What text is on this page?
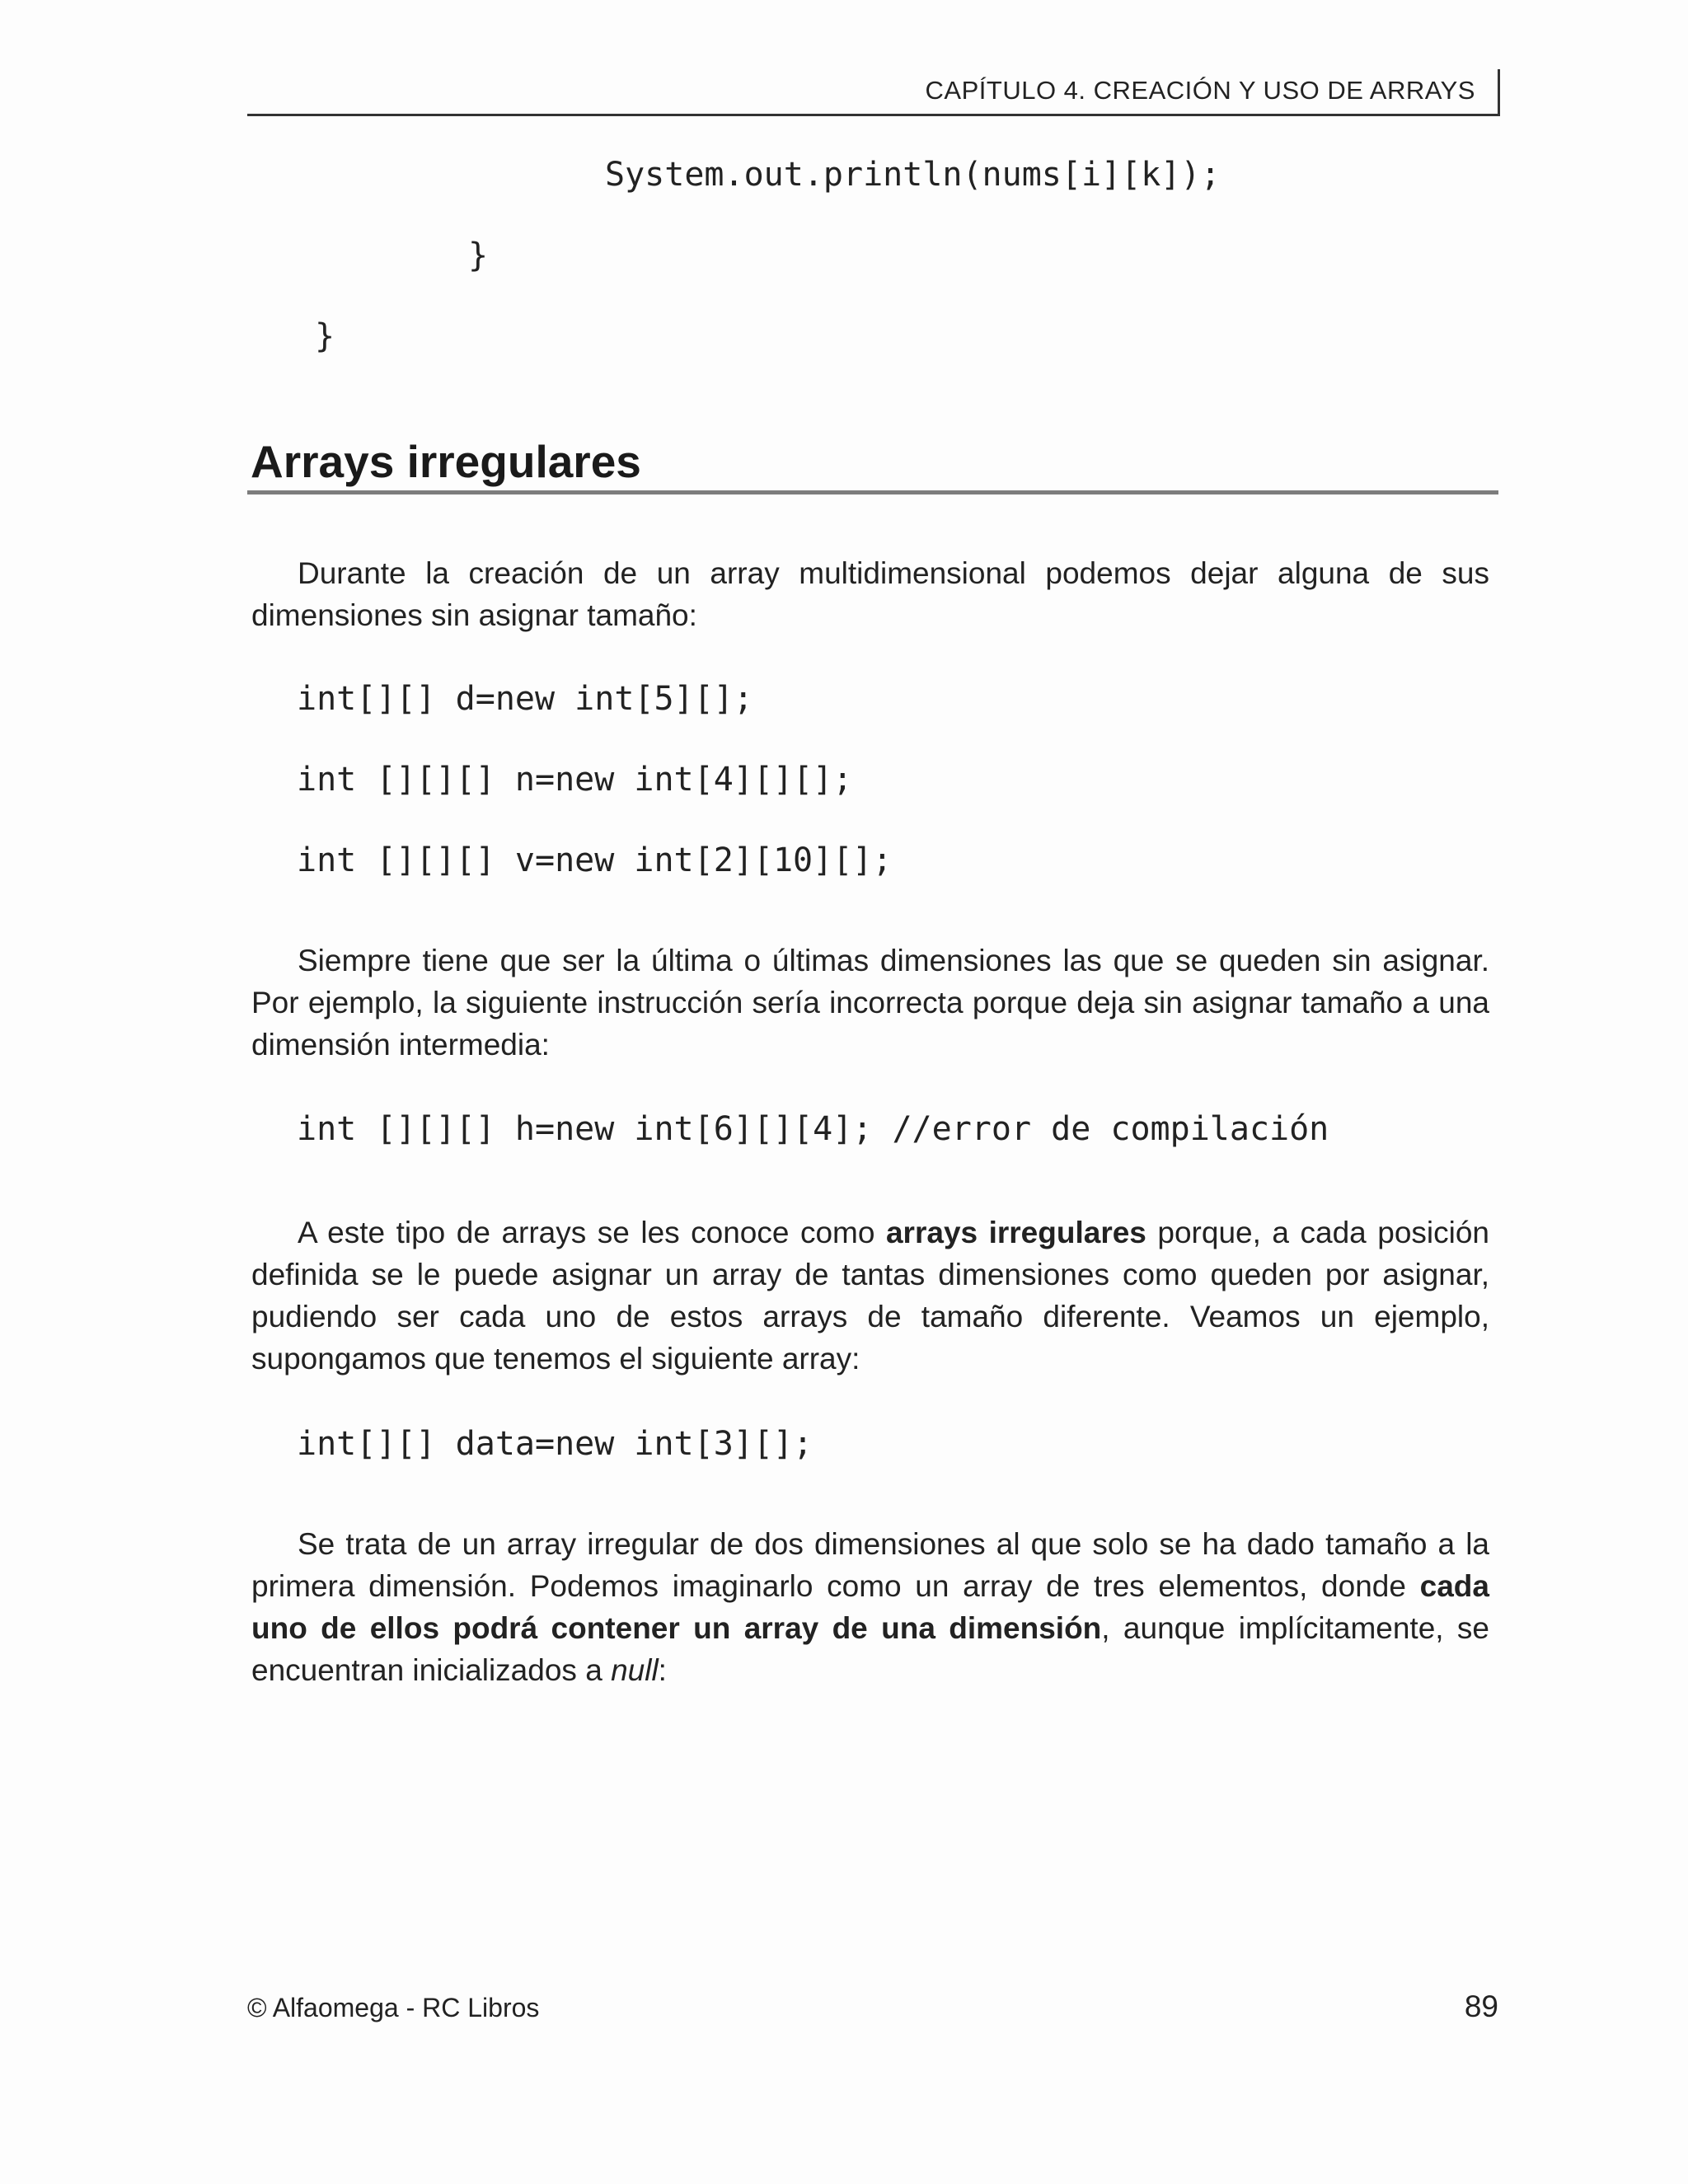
CAPÍTULO 4. CREACIÓN Y USO DE ARRAYS
System.out.println(nums[i][k]);
}
}
Arrays irregulares
Durante la creación de un array multidimensional podemos dejar alguna de sus dimensiones sin asignar tamaño:
int[][] d=new int[5][];
int [][][] n=new int[4][][];
int [][][] v=new int[2][10][];
Siempre tiene que ser la última o últimas dimensiones las que se queden sin asignar. Por ejemplo, la siguiente instrucción sería incorrecta porque deja sin asignar tamaño a una dimensión intermedia:
int [][][] h=new int[6][][4]; //error de compilación
A este tipo de arrays se les conoce como arrays irregulares porque, a cada posición definida se le puede asignar un array de tantas dimensiones como queden por asignar, pudiendo ser cada uno de estos arrays de tamaño diferente. Veamos un ejemplo, supongamos que tenemos el siguiente array:
int[][] data=new int[3][];
Se trata de un array irregular de dos dimensiones al que solo se ha dado tamaño a la primera dimensión. Podemos imaginarlo como un array de tres elementos, donde cada uno de ellos podrá contener un array de una dimensión, aunque implícitamente, se encuentran inicializados a null:
© Alfaomega - RC Libros	89
